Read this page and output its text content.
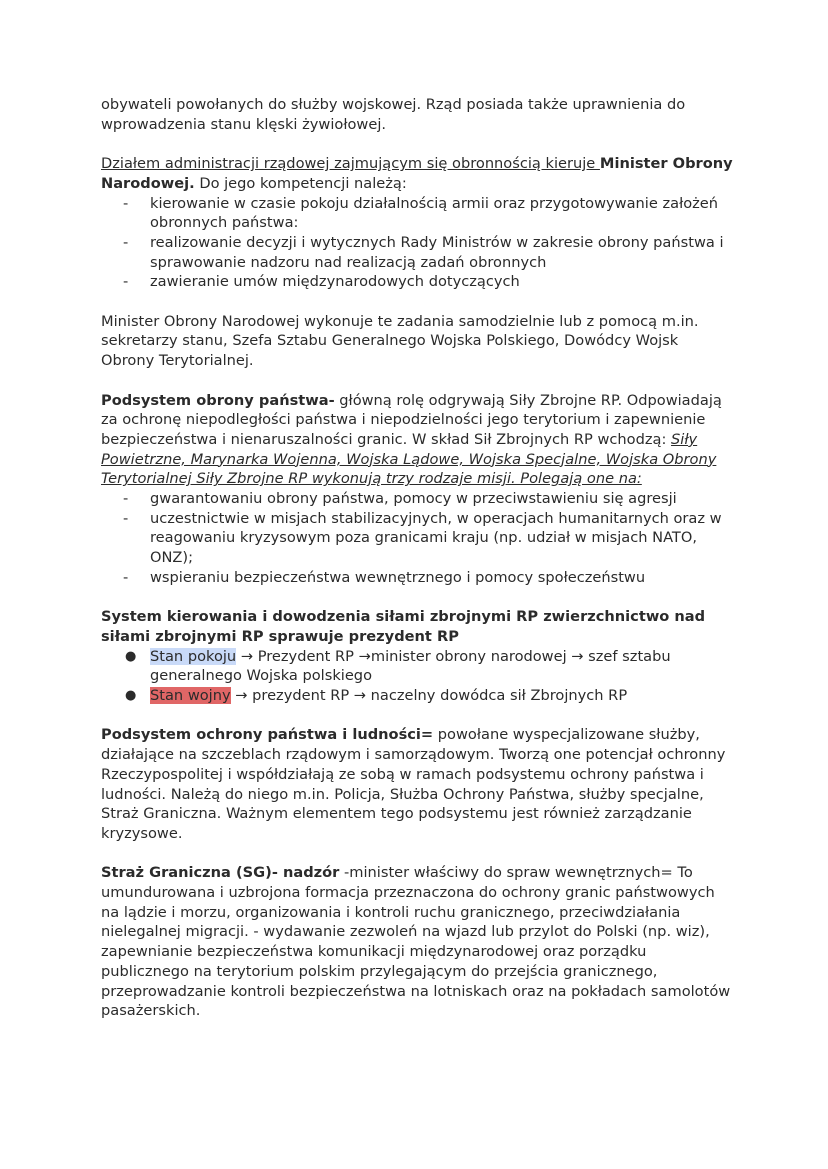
obywateli powołanych do służby wojskowej. Rząd posiada także uprawnienia do wprowadzenia stanu klęski żywiołowej.

Działem administracji rządowej zajmującym się obronnością kieruje Minister Obrony Narodowej. Do jego kompetencji należą:

-	kierowanie w czasie pokoju działalnością armii oraz przygotowywanie założeń obronnych państwa:
-	realizowanie decyzji i wytycznych Rady Ministrów w zakresie obrony państwa i sprawowanie nadzoru nad realizacją zadań obronnych
-	zawieranie umów międzynarodowych dotyczących

Minister Obrony Narodowej wykonuje te zadania samodzielnie lub z pomocą m.in. sekretarzy stanu, Szefa Sztabu Generalnego Wojska Polskiego, Dowódcy Wojsk Obrony Terytorialnej.

Podsystem obrony państwa- główną rolę odgrywają Siły Zbrojne RP. Odpowiadają za ochronę niepodległości państwa i niepodzielności jego terytorium i zapewnienie bezpieczeństwa i nienaruszalności granic. W skład Sił Zbrojnych RP wchodzą: Siły Powietrzne, Marynarka Wojenna, Wojska Lądowe, Wojska Specjalne, Wojska Obrony Terytorialnej Siły Zbrojne RP wykonują trzy rodzaje misji. Polegają one na:

-	gwarantowaniu obrony państwa, pomocy w przeciwstawieniu się agresji
-	uczestnictwie w misjach stabilizacyjnych, w operacjach humanitarnych oraz w reagowaniu kryzysowym poza granicami kraju (np. udział w misjach NATO, ONZ);
-	wspieraniu bezpieczeństwa wewnętrznego i pomocy społeczeństwu

System kierowania i dowodzenia siłami zbrojnymi RP zwierzchnictwo nad siłami zbrojnymi RP sprawuje prezydent RP

● Stan pokoju → Prezydent RP →minister obrony narodowej → szef sztabu generalnego Wojska polskiego
● Stan wojny → prezydent RP → naczelny dowódca sił Zbrojnych RP

Podsystem ochrony państwa i ludności= powołane wyspecjalizowane służby, działające na szczeblach rządowym i samorządowym. Tworzą one potencjał ochronny Rzeczypospolitej i współdziałają ze sobą w ramach podsystemu ochrony państwa i ludności. Należą do niego m.in. Policja, Służba Ochrony Państwa, służby specjalne, Straż Graniczna. Ważnym elementem tego podsystemu jest również zarządzanie kryzysowe.

Straż Graniczna (SG)- nadzór -minister właściwy do spraw wewnętrznych= To umundurowana i uzbrojona formacja przeznaczona do ochrony granic państwowych na lądzie i morzu, organizowania i kontroli ruchu granicznego, przeciwdziałania nielegalnej migracji. - wydawanie zezwoleń na wjazd lub przylot do Polski (np. wiz), zapewnianie bezpieczeństwa komunikacji międzynarodowej oraz porządku publicznego na terytorium polskim przylegającym do przejścia granicznego, przeprowadzanie kontroli bezpieczeństwa na lotniskach oraz na pokładach samolotów pasażerskich.
